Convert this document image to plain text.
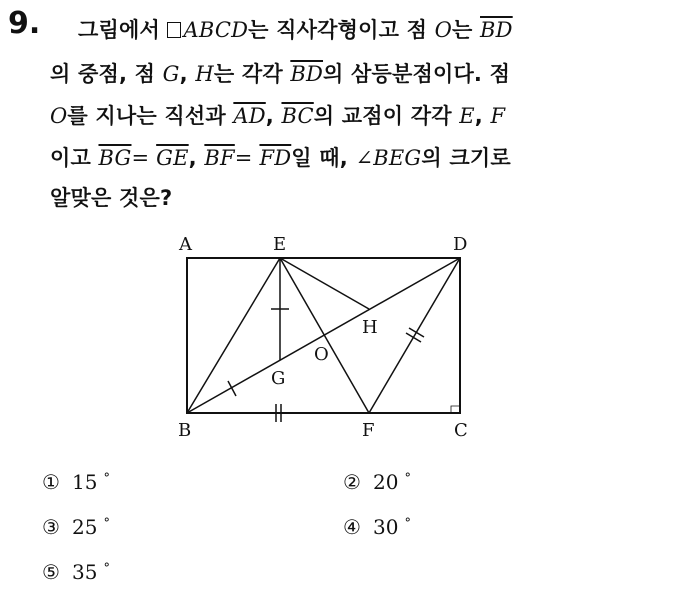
9. 그림에서 ABCD는 직사각형이고 점 O는 $\overline{BD}$
의 중점, 점 G, H는 각각 $\overline{BD}$의 삼등분점이다. 점
O를 지나는 직선과 $\overline{AD}$, $\overline{BC}$의 교점이 각각 E, F
이고 $\overline{BG}= \overline{GE}$, $\overline{BF}= \overline{FD}$일 때, ∠BEG의 크기로
알맞은 것은?
A	E	D
H
O
G
B	F	C
① 15 °	② 20 °
③ 25 °	④ 30 °
⑤ 35 °
